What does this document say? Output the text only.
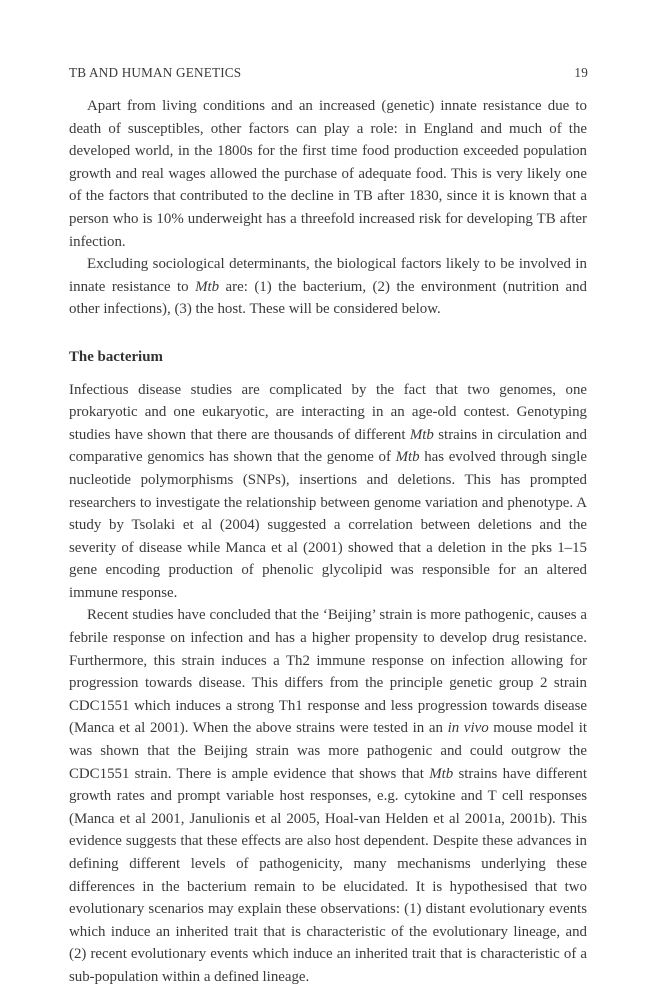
TB AND HUMAN GENETICS	19

Apart from living conditions and an increased (genetic) innate resistance due to death of susceptibles, other factors can play a role: in England and much of the developed world, in the 1800s for the first time food production exceeded population growth and real wages allowed the purchase of adequate food. This is very likely one of the factors that contributed to the decline in TB after 1830, since it is known that a person who is 10% underweight has a threefold increased risk for developing TB after infection.

Excluding sociological determinants, the biological factors likely to be involved in innate resistance to Mtb are: (1) the bacterium, (2) the environment (nutrition and other infections), (3) the host. These will be considered below.

The bacterium

Infectious disease studies are complicated by the fact that two genomes, one prokaryotic and one eukaryotic, are interacting in an age-old contest. Genotyping studies have shown that there are thousands of different Mtb strains in circulation and comparative genomics has shown that the genome of Mtb has evolved through single nucleotide polymorphisms (SNPs), insertions and deletions. This has prompted researchers to investigate the relationship between genome variation and phenotype. A study by Tsolaki et al (2004) suggested a correlation between deletions and the severity of disease while Manca et al (2001) showed that a deletion in the pks 1–15 gene encoding production of phenolic glycolipid was responsible for an altered immune response.

Recent studies have concluded that the ‘Beijing’ strain is more pathogenic, causes a febrile response on infection and has a higher propensity to develop drug resistance. Furthermore, this strain induces a Th2 immune response on infection allowing for progression towards disease. This differs from the principle genetic group 2 strain CDC1551 which induces a strong Th1 response and less progression towards disease (Manca et al 2001). When the above strains were tested in an in vivo mouse model it was shown that the Beijing strain was more pathogenic and could outgrow the CDC1551 strain. There is ample evidence that shows that Mtb strains have different growth rates and prompt variable host responses, e.g. cytokine and T cell responses (Manca et al 2001, Janulionis et al 2005, Hoal-van Helden et al 2001a, 2001b). This evidence suggests that these effects are also host dependent. Despite these advances in defining different levels of pathogenicity, many mechanisms underlying these differences in the bacterium remain to be elucidated. It is hypothesised that two evolutionary scenarios may explain these observations: (1) distant evolutionary events which induce an inherited trait that is characteristic of the evolutionary lineage, and (2) recent evolutionary events which induce an inherited trait that is characteristic of a sub-population within a defined lineage.
